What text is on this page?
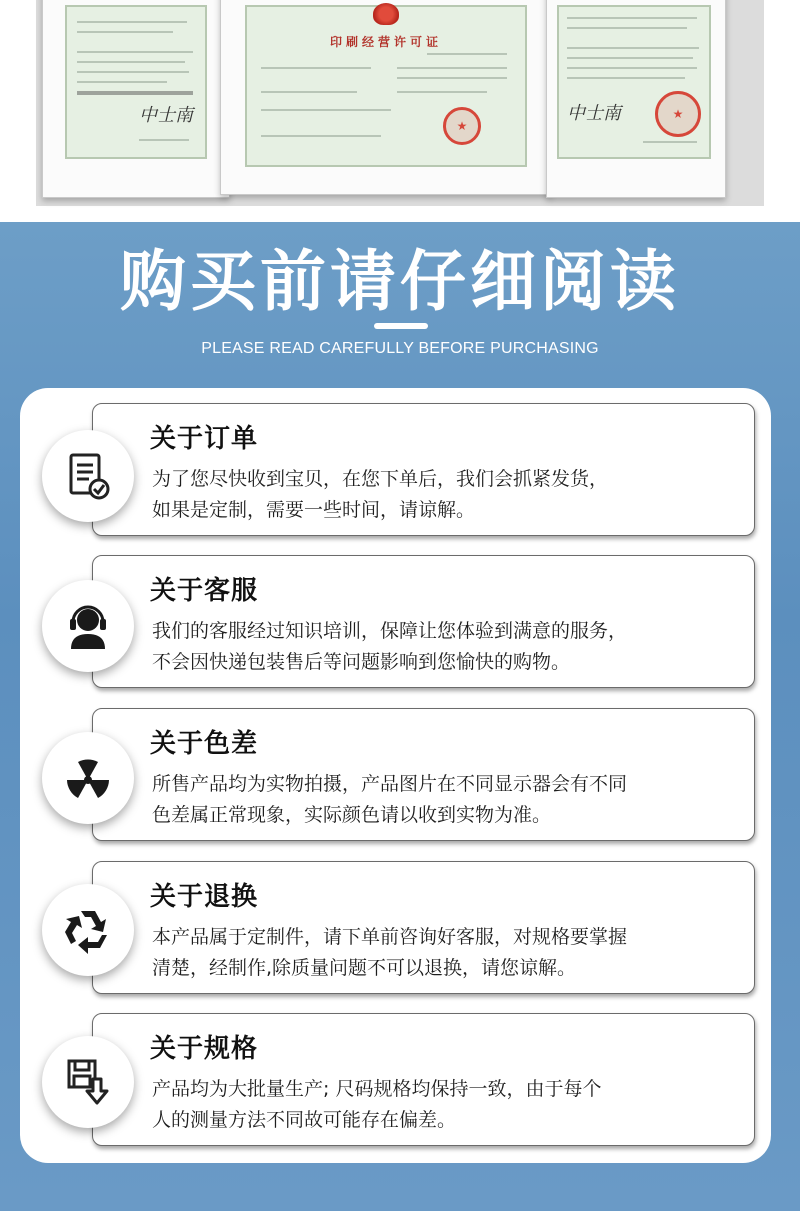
中士南
印刷经营许可证
★
中士南
★
购买前请仔细阅读
PLEASE READ CAREFULLY BEFORE PURCHASING
关于订单
为了您尽快收到宝贝，在您下单后，我们会抓紧发货，
如果是定制，需要一些时间，请谅解。
关于客服
我们的客服经过知识培训，保障让您体验到满意的服务，
不会因快递包装售后等问题影响到您愉快的购物。
关于色差
所售产品均为实物拍摄，产品图片在不同显示器会有不同
色差属正常现象，实际颜色请以收到实物为准。
关于退换
本产品属于定制件，请下单前咨询好客服，对规格要掌握
清楚，经制作,除质量问题不可以退换，请您谅解。
关于规格
产品均为大批量生产; 尺码规格均保持一致，由于每个
人的测量方法不同故可能存在偏差。
